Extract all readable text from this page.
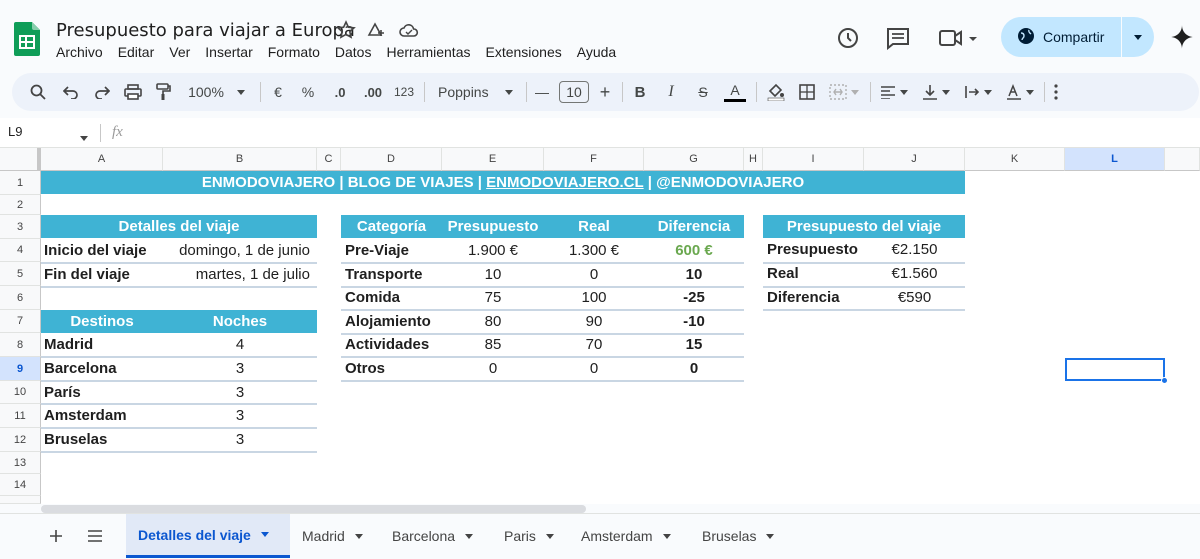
Presupuesto para viajar a Europa
Archivo	Editar	Ver	Insertar	Formato	Datos	Herramientas	Extensiones	Ayuda
Compartir
100%	€	%	.0	.00 123	Poppins	—	10 +	B	I	S	A
L9	fx
A	B	C	D	E	F	G	H	I	J	K	L
1
2
3
4
5
6
7
8
9
10
11
12
13
14
ENMODOVIAJERO | BLOG DE VIAJES | ENMODOVIAJERO.CL | @ENMODOVIAJERO
Detalles del viaje
Inicio del viaje	domingo, 1 de junio
Fin del viaje	martes, 1 de julio
Destinos	Noches
Madrid	4
Barcelona	3
París	3
Amsterdam	3
Bruselas	3
Categoría	Presupuesto	Real	Diferencia
Pre-Viaje	1.900 €	1.300 €	600 €
Transporte	10	0	10
Comida	75	100	-25
Alojamiento	80	90	-10
Actividades	85	70	15
Otros	0	0	0
Presupuesto del viaje
Presupuesto	€2.150
Real	€1.560
Diferencia	€590
Detalles del viaje	Madrid	Barcelona	Paris	Amsterdam	Bruselas
